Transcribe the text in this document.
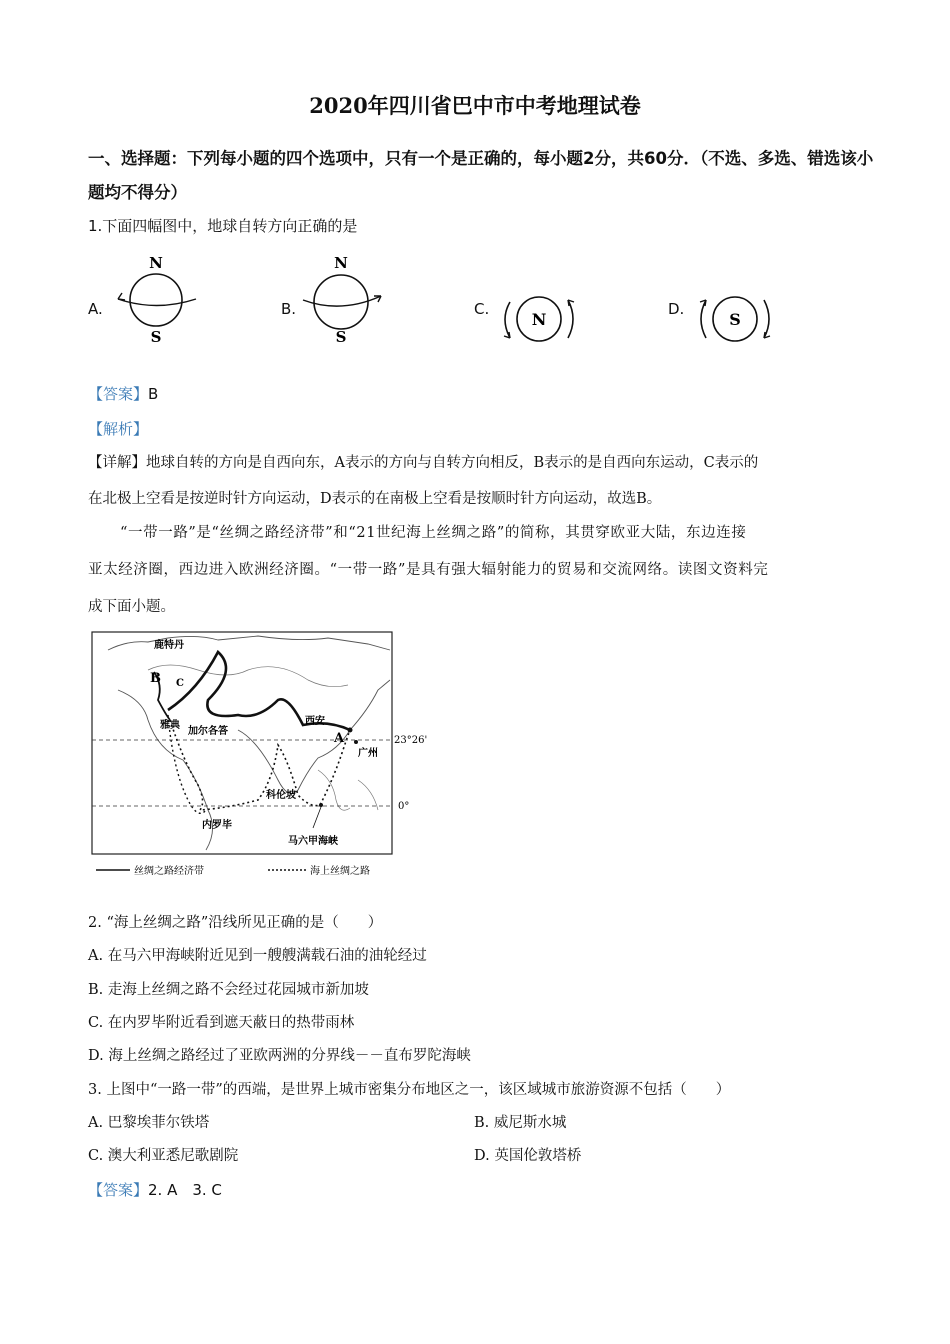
2020年四川省巴中市中考地理试卷
一、选择题：下列每小题的四个选项中，只有一个是正确的，每小题2分，共60分．（不选、多选、错选该小题均不得分）
1.下面四幅图中，地球自转方向正确的是
A.
N
S
B.
N
S
C.
N
D.
S
【答案】B
【解析】
【详解】地球自转的方向是自西向东，A表示的方向与自转方向相反，B表示的是自西向东运动，C表示的
在北极上空看是按逆时针方向运动，D表示的在南极上空看是按顺时针方向运动，故选B。
“一带一路”是“丝绸之路经济带”和“21世纪海上丝绸之路”的简称，其贯穿欧亚大陆，东边连接
亚太经济圈，西边进入欧洲经济圈。“一带一路”是具有强大辐射能力的贸易和交流网络。读图文资料完
成下面小题。
鹿特丹
B C
雅典
加尔各答
西安
A	23°26'
广州
科伦坡
0°
内罗毕
马六甲海峡
丝绸之路经济带	海上丝绸之路
2. “海上丝绸之路”沿线所见正确的是（　　）
A. 在马六甲海峡附近见到一艘艘满载石油的油轮经过
B. 走海上丝绸之路不会经过花园城市新加坡
C. 在内罗毕附近看到遮天蔽日的热带雨林
D. 海上丝绸之路经过了亚欧两洲的分界线－－直布罗陀海峡
3. 上图中“一路一带”的西端，是世界上城市密集分布地区之一，该区域城市旅游资源不包括（　　）
A. 巴黎埃菲尔铁塔	B. 威尼斯水城
C. 澳大利亚悉尼歌剧院	D. 英国伦敦塔桥
【答案】2. A　3. C
